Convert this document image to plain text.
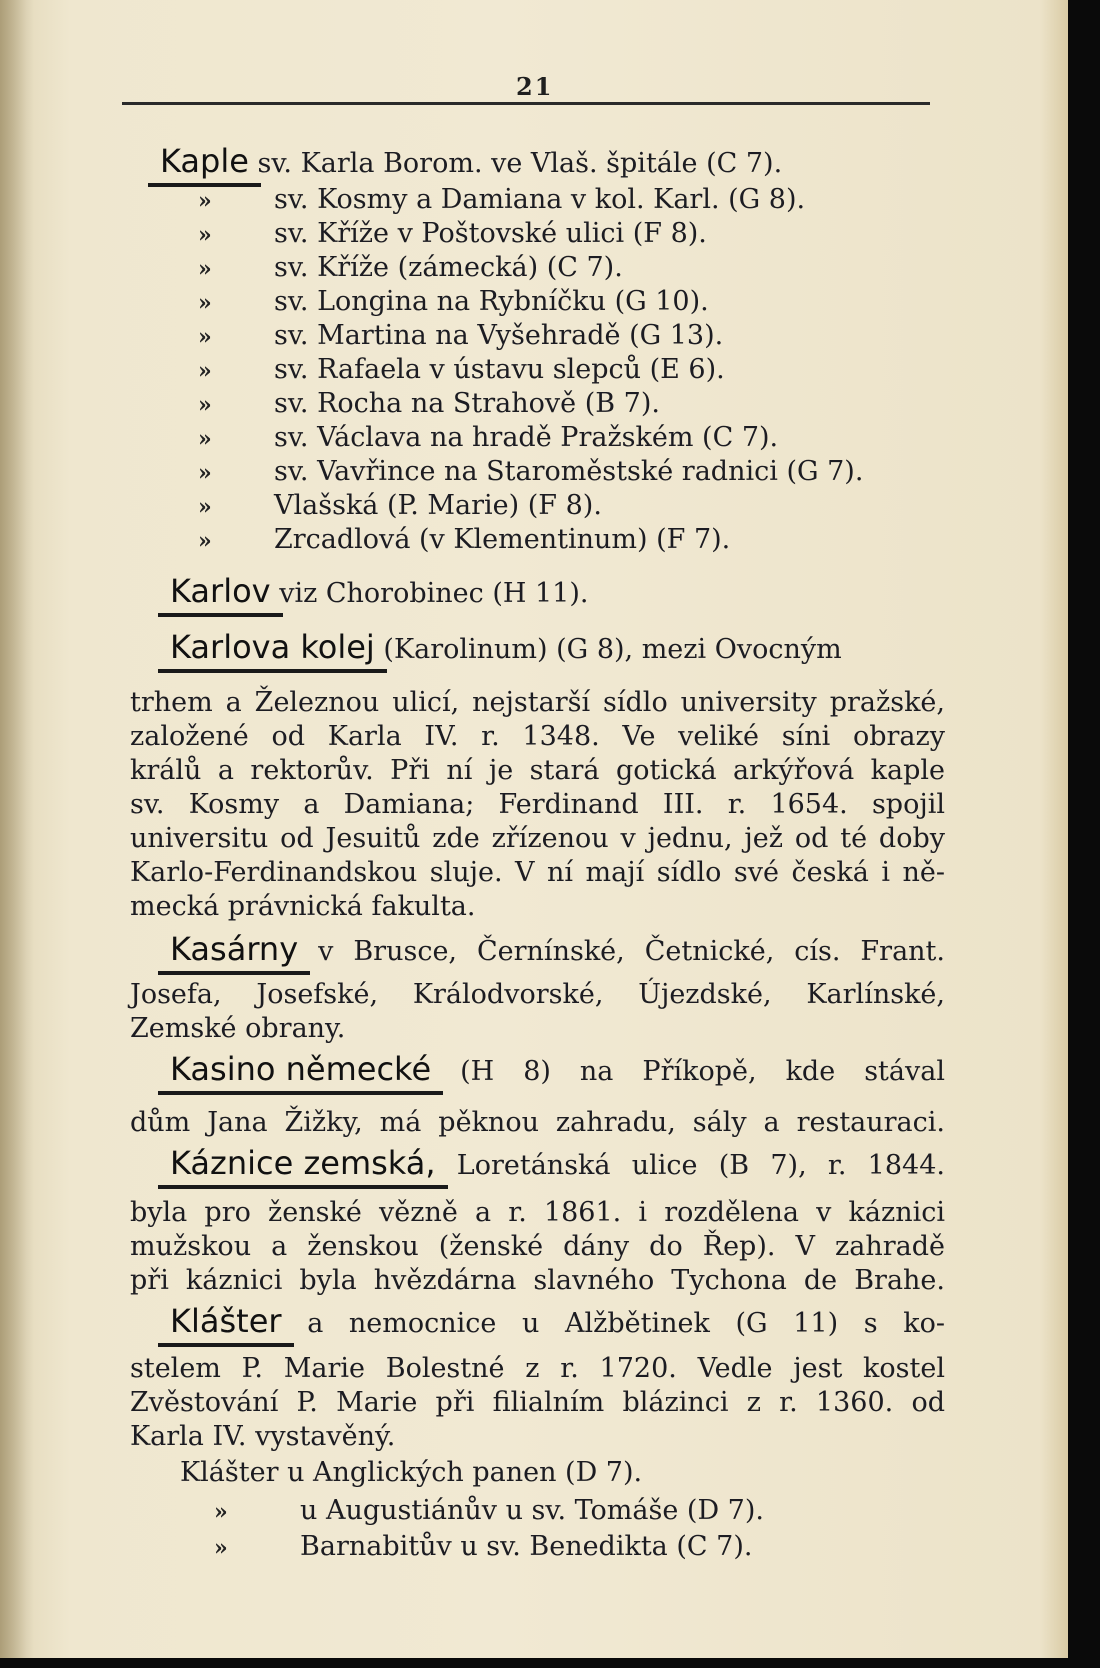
21
Kaple sv. Karla Borom. ve Vlaš. špitále (C 7).
» sv. Kosmy a Damiana v kol. Karl. (G 8).
» sv. Kříže v Poštovské ulici (F 8).
» sv. Kříže (zámecká) (C 7).
» sv. Longina na Rybníčku (G 10).
» sv. Martina na Vyšehradě (G 13).
» sv. Rafaela v ústavu slepců (E 6).
» sv. Rocha na Strahově (B 7).
» sv. Václava na hradě Pražském (C 7).
» sv. Vavřince na Staroměstské radnici (G 7).
» Vlašská (P. Marie) (F 8).
» Zrcadlová (v Klementinum) (F 7).
Karlov viz Chorobinec (H 11).
Karlova kolej (Karolinum) (G 8), mezi Ovocným
trhem a Železnou ulicí, nejstarší sídlo university pražské,
založené od Karla IV. r. 1348. Ve veliké síni obrazy
králů a rektorův. Při ní je stará gotická arkýřová kaple
sv. Kosmy a Damiana; Ferdinand III. r. 1654. spojil
universitu od Jesuitů zde zřízenou v jednu, jež od té doby
Karlo-Ferdinandskou sluje. V ní mají sídlo své česká i ně-
mecká právnická fakulta.
Kasárny v Brusce, Černínské, Četnické, cís. Frant.
Josefa, Josefské, Králodvorské, Újezdské, Karlínské,
Zemské obrany.
Kasino německé (H 8) na Příkopě, kde stával
dům Jana Žižky, má pěknou zahradu, sály a restauraci.
Káznice zemská, Loretánská ulice (B 7), r. 1844.
byla pro ženské vězně a r. 1861. i rozdělena v káznici
mužskou a ženskou (ženské dány do Řep). V zahradě
při káznici byla hvězdárna slavného Tychona de Brahe.
Klášter a nemocnice u Alžbětinek (G 11) s ko-
stelem P. Marie Bolestné z r. 1720. Vedle jest kostel
Zvěstování P. Marie při filialním blázinci z r. 1360. od
Karla IV. vystavěný.
Klášter u Anglických panen (D 7).
»	u Augustiánův u sv. Tomáše (D 7).
»	Barnabitův u sv. Benedikta (C 7).
